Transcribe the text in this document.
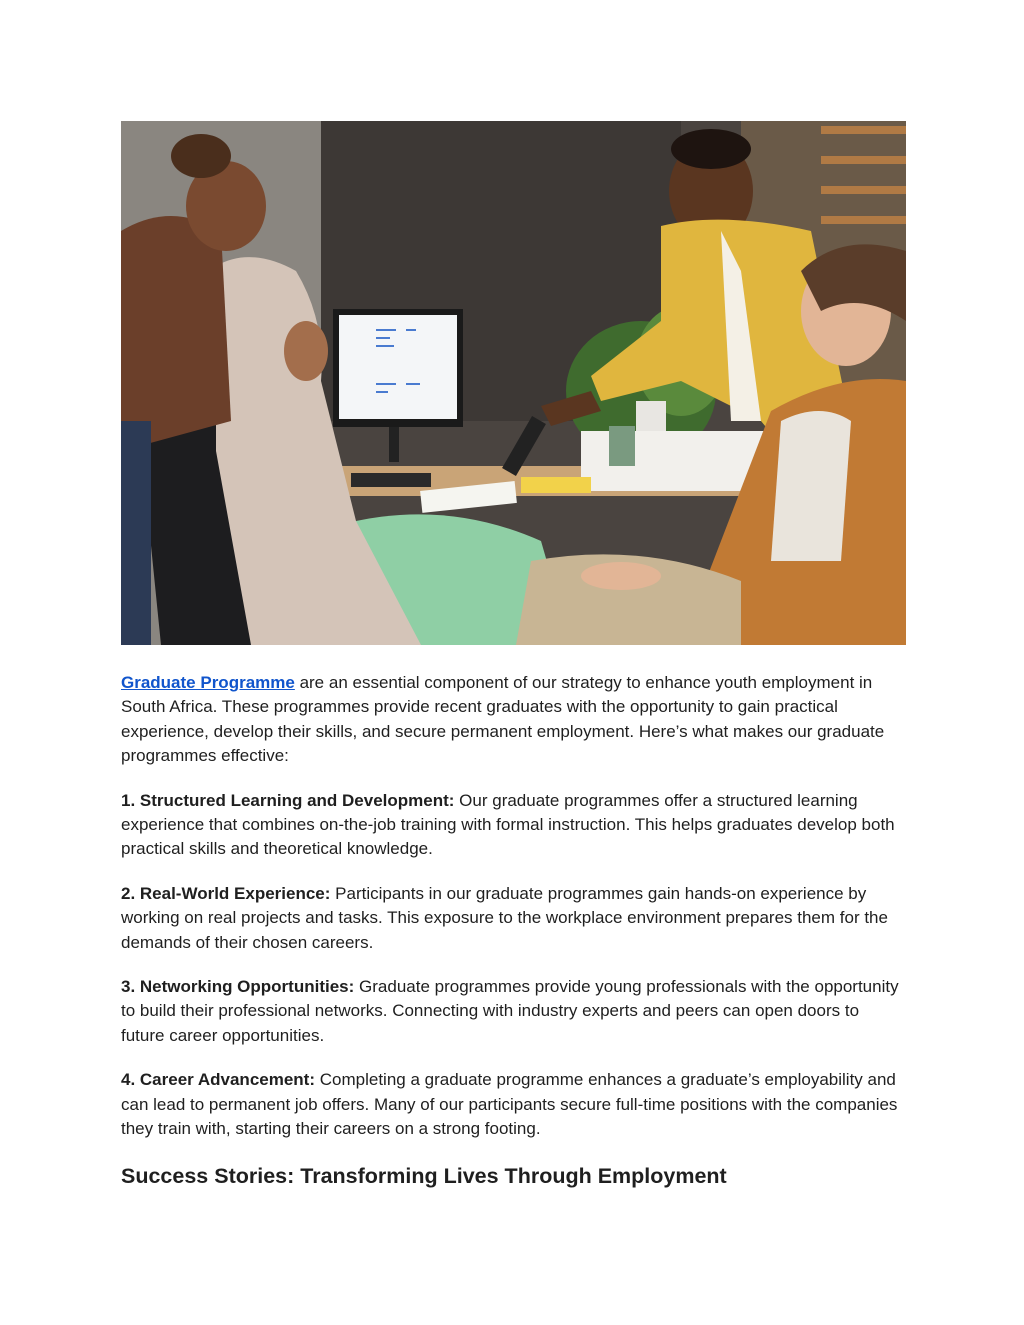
Graduate Programme are an essential component of our strategy to enhance youth employment in South Africa. These programmes provide recent graduates with the opportunity to gain practical experience, develop their skills, and secure permanent employment. Here’s what makes our graduate programmes effective:

1. Structured Learning and Development: Our graduate programmes offer a structured learning experience that combines on-the-job training with formal instruction. This helps graduates develop both practical skills and theoretical knowledge.

2. Real-World Experience: Participants in our graduate programmes gain hands-on experience by working on real projects and tasks. This exposure to the workplace environment prepares them for the demands of their chosen careers.

3. Networking Opportunities: Graduate programmes provide young professionals with the opportunity to build their professional networks. Connecting with industry experts and peers can open doors to future career opportunities.

4. Career Advancement: Completing a graduate programme enhances a graduate’s employability and can lead to permanent job offers. Many of our participants secure full-time positions with the companies they train with, starting their careers on a strong footing.

Success Stories: Transforming Lives Through Employment
